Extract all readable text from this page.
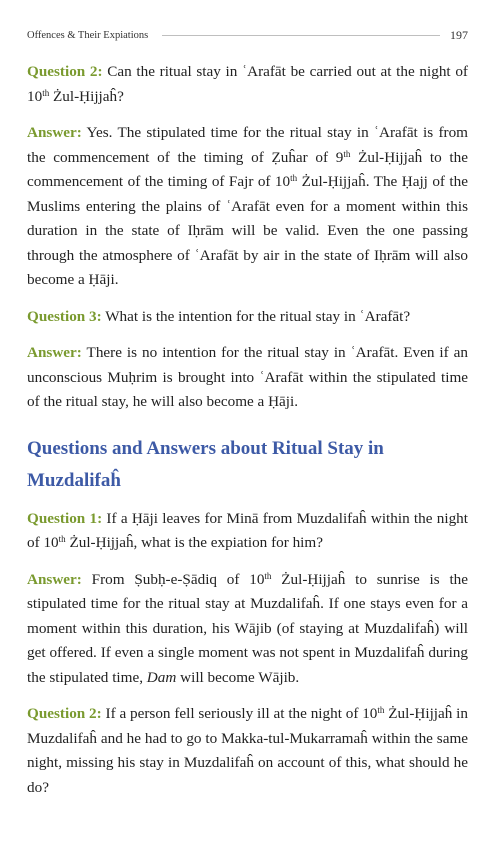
Offences & Their Expiations	197

Question 2: Can the ritual stay in ʿArafāt be carried out at the night of 10th Żul-Ḥijjaĥ?

Answer: Yes. The stipulated time for the ritual stay in ʿArafāt is from the commencement of the timing of Ẓuĥar of 9th Żul-Ḥijjaĥ to the commencement of the timing of Fajr of 10th Żul-Ḥijjaĥ. The Ḥajj of the Muslims entering the plains of ʿArafāt even for a moment within this duration in the state of Iḥrām will be valid. Even the one passing through the atmosphere of ʿArafāt by air in the state of Iḥrām will also become a Ḥāji.

Question 3: What is the intention for the ritual stay in ʿArafāt?

Answer: There is no intention for the ritual stay in ʿArafāt. Even if an unconscious Muḥrim is brought into ʿArafāt within the stipulated time of the ritual stay, he will also become a Ḥāji.

Questions and Answers about Ritual Stay in Muzdalifaĥ

Question 1: If a Ḥāji leaves for Minā from Muzdalifaĥ within the night of 10th Żul-Ḥijjaĥ, what is the expiation for him?

Answer: From Ṣubḥ-e-Ṣādiq of 10th Żul-Ḥijjaĥ to sunrise is the stipulated time for the ritual stay at Muzdalifaĥ. If one stays even for a moment within this duration, his Wājib (of staying at Muzdalifaĥ) will get offered. If even a single moment was not spent in Muzdalifaĥ during the stipulated time, Dam will become Wājib.

Question 2: If a person fell seriously ill at the night of 10th Żul-Ḥijjaĥ in Muzdalifaĥ and he had to go to Makka-tul-Mukarramaĥ within the same night, missing his stay in Muzdalifaĥ on account of this, what should he do?
